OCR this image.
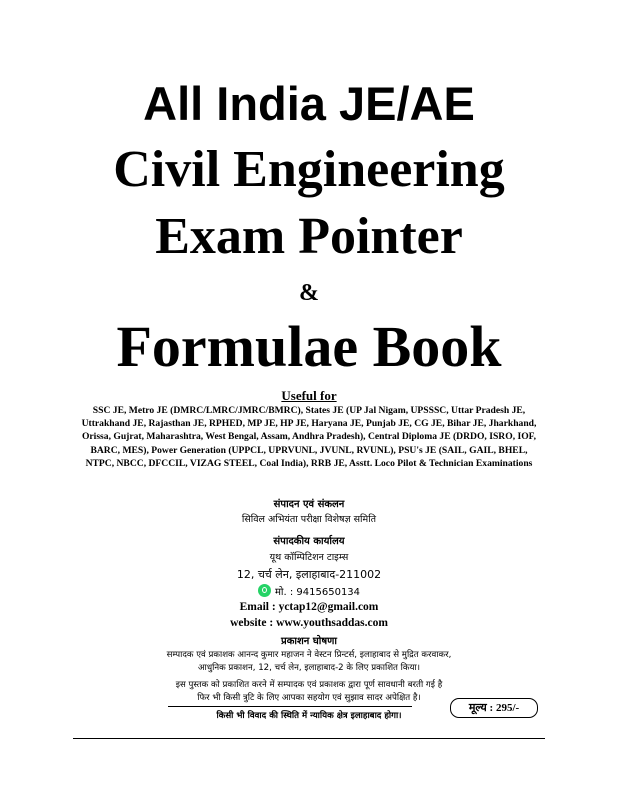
All India JE/AE
Civil Engineering
Exam Pointer
&
Formulae Book
Useful for
SSC JE, Metro JE (DMRC/LMRC/JMRC/BMRC), States JE (UP Jal Nigam, UPSSSC, Uttar Pradesh JE, Uttrakhand JE, Rajasthan JE, RPHED, MP JE, HP JE, Haryana JE, Punjab JE, CG JE, Bihar JE, Jharkhand, Orissa, Gujrat, Maharashtra, West Bengal, Assam, Andhra Pradesh), Central Diploma JE (DRDO, ISRO, IOF, BARC, MES), Power Generation (UPPCL, UPRVUNL, JVUNL, RVUNL), PSU's JE (SAIL, GAIL, BHEL, NTPC, NBCC, DFCCIL, VIZAG STEEL, Coal India), RRB JE, Asstt. Loco Pilot & Technician Examinations
संपादन एवं संकलन
सिविल अभियंता परीक्षा विशेषज्ञ समिति
संपादकीय कार्यालय
यूथ कॉम्पिटिशन टाइम्स
12, चर्च लेन, इलाहाबाद-211002
मो. : 9415650134
Email : yctap12@gmail.com
website : www.youthsaddas.com
प्रकाशन घोषणा
सम्पादक एवं प्रकाशक आनन्द कुमार महाजन ने वेस्टन प्रिन्टर्स, इलाहाबाद से मुद्रित करवाकर,
आधुनिक प्रकाशन, 12, चर्च लेन, इलाहाबाद-2 के लिए प्रकाशित किया।
इस पुस्तक को प्रकाशित करने में सम्पादक एवं प्रकाशक द्वारा पूर्ण सावधानी बरती गई है
फिर भी किसी त्रुटि के लिए आपका सहयोग एवं सुझाव सादर अपेक्षित है।
किसी भी विवाद की स्थिति में न्यायिक क्षेत्र इलाहाबाद होगा।
मूल्य : 295/-
